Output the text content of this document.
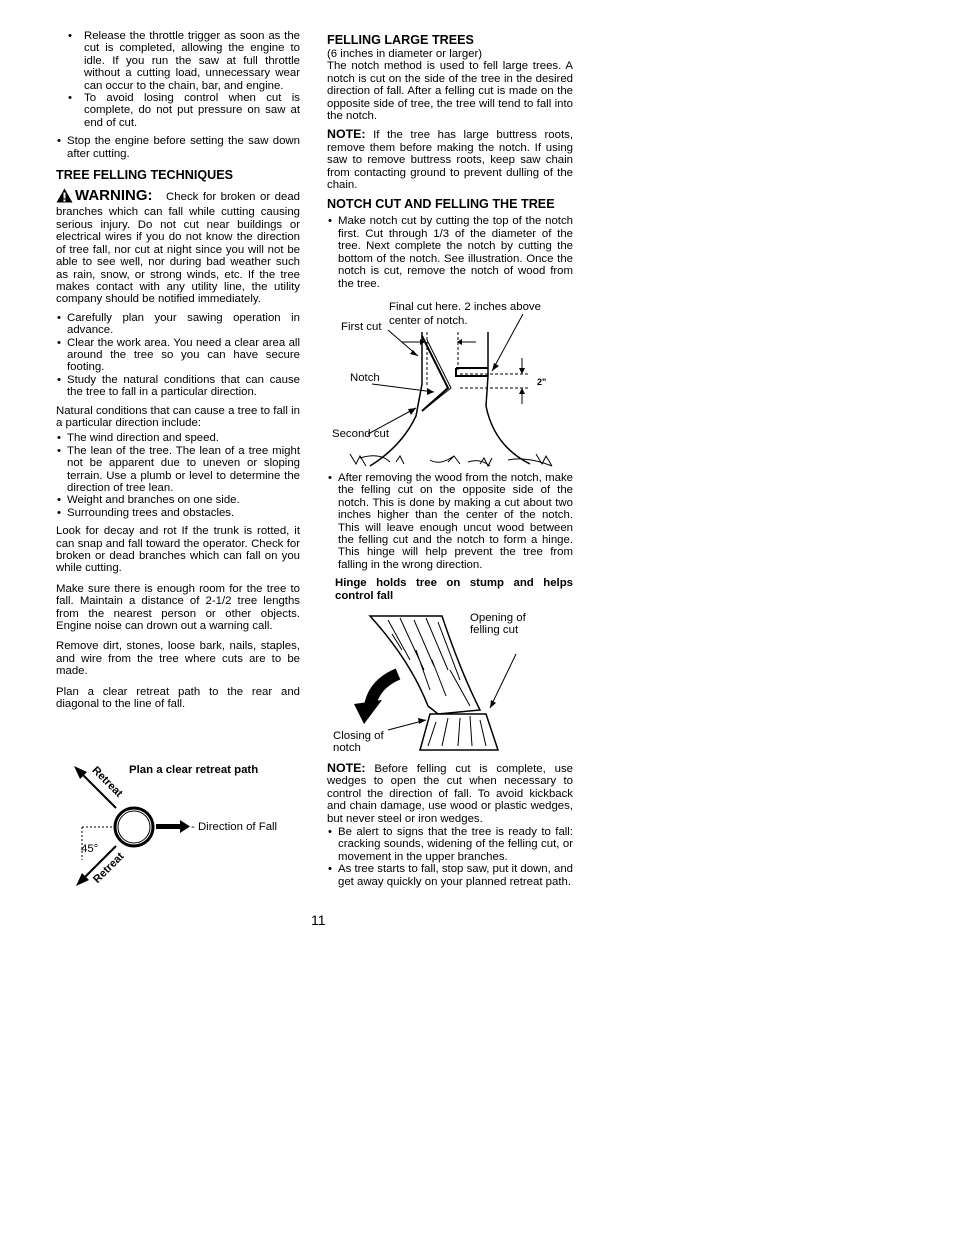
• Release the throttle trigger as soon as the cut is completed, allowing the engine to idle. If you run the saw at full throttle without a cutting load, unnecessary wear can occur to the chain, bar, and engine.
• To avoid losing control when cut is complete, do not put pressure on saw at end of cut.
• Stop the engine before setting the saw down after cutting.
TREE FELLING TECHNIQUES

WARNING: Check for broken or dead branches which can fall while cutting causing serious injury. Do not cut near buildings or electrical wires if you do not know the direction of tree fall, nor cut at night since you will not be able to see well, nor during bad weather such as rain, snow, or strong winds, etc. If the tree makes contact with any utility line, the utility company should be notified immediately.

• Carefully plan your sawing operation in advance.
• Clear the work area. You need a clear area all around the tree so you can have secure footing.
• Study the natural conditions that can cause the tree to fall in a particular direction.

Natural conditions that can cause a tree to fall in a particular direction include:

• The wind direction and speed.
• The lean of the tree. The lean of a tree might not be apparent due to uneven or sloping terrain. Use a plumb or level to determine the direction of tree lean.
• Weight and branches on one side.
• Surrounding trees and obstacles.

Look for decay and rot If the trunk is rotted, it can snap and fall toward the operator. Check for broken or dead branches which can fall on you while cutting.

Make sure there is enough room for the tree to fall. Maintain a distance of 2-1/2 tree lengths from the nearest person or other objects. Engine noise can drown out a warning call.

Remove dirt, stones, loose bark, nails, staples, and wire from the tree where cuts are to be made.

Plan a clear retreat path to the rear and diagonal to the line of fall.

Plan a clear retreat path
Retreat
Retreat
- Direction of Fall
45°
FELLING LARGE TREES

(6 inches in diameter or larger)

The notch method is used to fell large trees. A notch is cut on the side of the tree in the desired direction of fall. After a felling cut is made on the opposite side of tree, the tree will tend to fall into the notch.

NOTE: If the tree has large buttress roots, remove them before making the notch. If using saw to remove buttress roots, keep saw chain from contacting ground to prevent dulling of the chain.

NOTCH CUT AND FELLING THE TREE
• Make notch cut by cutting the top of the notch first. Cut through 1/3 of the diameter of the tree. Next complete the notch by cutting the bottom of the notch. See illustration. Once the notch is cut, remove the notch of wood from the tree.
Final cut here. 2 inches above center of notch.
First cut
Notch
Second cut
2"
• After removing the wood from the notch, make the felling cut on the opposite side of the notch. This is done by making a cut about two inches higher than the center of the notch. This will leave enough uncut wood between the felling cut and the notch to form a hinge. This hinge will help prevent the tree from falling in the wrong direction.

Hinge holds tree on stump and helps control fall

Opening of felling cut
Closing of notch

NOTE: Before felling cut is complete, use wedges to open the cut when necessary to control the direction of fall. To avoid kickback and chain damage, use wood or plastic wedges, but never steel or iron wedges.

• Be alert to signs that the tree is ready to fall: cracking sounds, widening of the felling cut, or movement in the upper branches.
• As tree starts to fall, stop saw, put it down, and get away quickly on your planned retreat path.
11
